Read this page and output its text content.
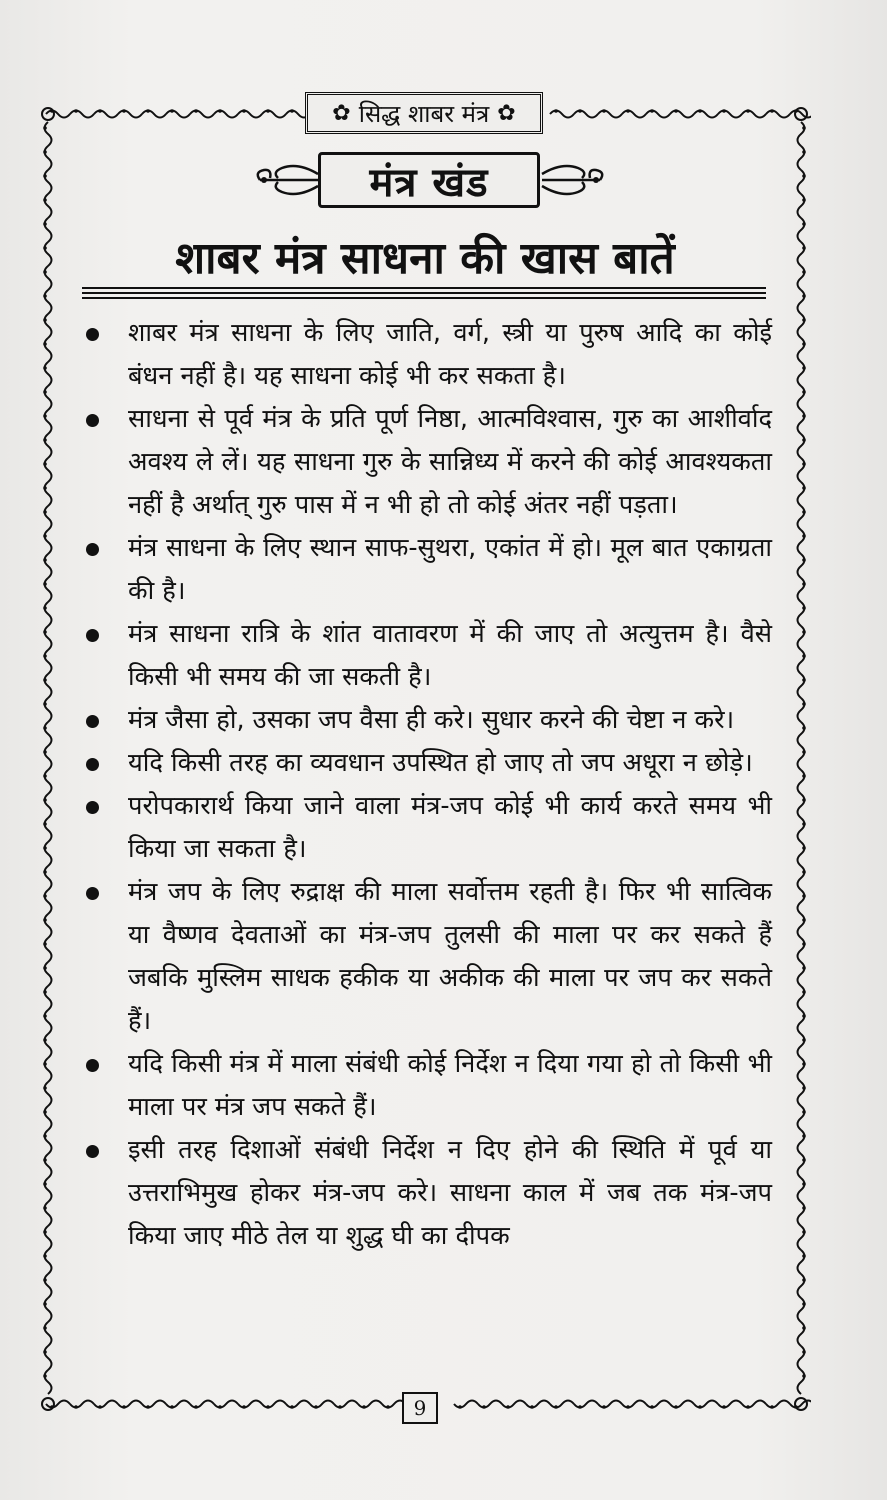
✿ सिद्ध शाबर मंत्र ✿
मंत्र खंड
शाबर मंत्र साधना की खास बातें
शाबर मंत्र साधना के लिए जाति, वर्ग, स्त्री या पुरुष आदि का कोई बंधन नहीं है। यह साधना कोई भी कर सकता है।
साधना से पूर्व मंत्र के प्रति पूर्ण निष्ठा, आत्मविश्वास, गुरु का आशीर्वाद अवश्य ले लें। यह साधना गुरु के सान्निध्य में करने की कोई आवश्यकता नहीं है अर्थात् गुरु पास में न भी हो तो कोई अंतर नहीं पड़ता।
मंत्र साधना के लिए स्थान साफ-सुथरा, एकांत में हो। मूल बात एकाग्रता की है।
मंत्र साधना रात्रि के शांत वातावरण में की जाए तो अत्युत्तम है। वैसे किसी भी समय की जा सकती है।
मंत्र जैसा हो, उसका जप वैसा ही करे। सुधार करने की चेष्टा न करे।
यदि किसी तरह का व्यवधान उपस्थित हो जाए तो जप अधूरा न छोड़े।
परोपकारार्थ किया जाने वाला मंत्र-जप कोई भी कार्य करते समय भी किया जा सकता है।
मंत्र जप के लिए रुद्राक्ष की माला सर्वोत्तम रहती है। फिर भी सात्विक या वैष्णव देवताओं का मंत्र-जप तुलसी की माला पर कर सकते हैं जबकि मुस्लिम साधक हकीक या अकीक की माला पर जप कर सकते हैं।
यदि किसी मंत्र में माला संबंधी कोई निर्देश न दिया गया हो तो किसी भी माला पर मंत्र जप सकते हैं।
इसी तरह दिशाओं संबंधी निर्देश न दिए होने की स्थिति में पूर्व या उत्तराभिमुख होकर मंत्र-जप करे। साधना काल में जब तक मंत्र-जप किया जाए मीठे तेल या शुद्ध घी का दीपक
9
